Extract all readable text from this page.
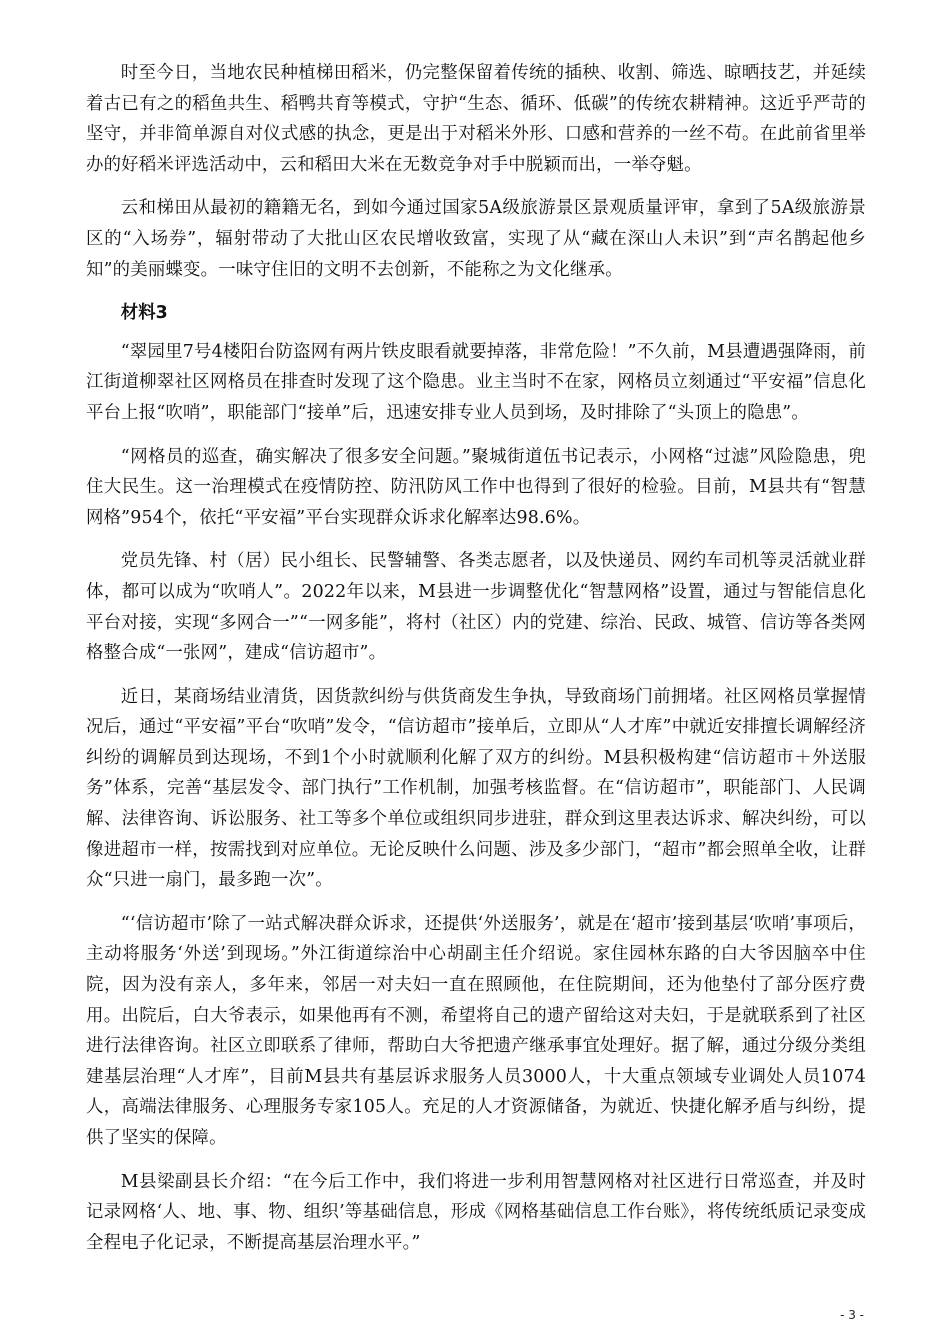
时至今日，当地农民种植梯田稻米，仍完整保留着传统的插秧、收割、筛选、晾晒技艺，并延续着古已有之的稻鱼共生、稻鸭共育等模式，守护“生态、循环、低碳”的传统农耕精神。这近乎严苛的坚守，并非简单源自对仪式感的执念，更是出于对稻米外形、口感和营养的一丝不苟。在此前省里举办的好稻米评选活动中，云和稻田大米在无数竞争对手中脱颖而出，一举夺魁。

云和梯田从最初的籍籍无名，到如今通过国家5A级旅游景区景观质量评审，拿到了5A级旅游景区的“入场券”，辐射带动了大批山区农民增收致富，实现了从“藏在深山人未识”到“声名鹊起他乡知”的美丽蝶变。一味守住旧的文明不去创新，不能称之为文化继承。

材料3

“翠园里7号4楼阳台防盗网有两片铁皮眼看就要掉落，非常危险！”不久前，M县遭遇强降雨，前江街道柳翠社区网格员在排查时发现了这个隐患。业主当时不在家，网格员立刻通过“平安福”信息化平台上报“吹哨”，职能部门“接单”后，迅速安排专业人员到场，及时排除了“头顶上的隐患”。

“网格员的巡查，确实解决了很多安全问题。”聚城街道伍书记表示，小网格“过滤”风险隐患，兜住大民生。这一治理模式在疫情防控、防汛防风工作中也得到了很好的检验。目前，M县共有“智慧网格”954个，依托“平安福”平台实现群众诉求化解率达98.6%。

党员先锋、村（居）民小组长、民警辅警、各类志愿者，以及快递员、网约车司机等灵活就业群体，都可以成为“吹哨人”。2022年以来，M县进一步调整优化“智慧网格”设置，通过与智能信息化平台对接，实现“多网合一”“一网多能”，将村（社区）内的党建、综治、民政、城管、信访等各类网格整合成“一张网”，建成“信访超市”。

近日，某商场结业清货，因货款纠纷与供货商发生争执，导致商场门前拥堵。社区网格员掌握情况后，通过“平安福”平台“吹哨”发令，“信访超市”接单后，立即从“人才库”中就近安排擅长调解经济纠纷的调解员到达现场，不到1个小时就顺利化解了双方的纠纷。M县积极构建“信访超市＋外送服务”体系，完善“基层发令、部门执行”工作机制，加强考核监督。在“信访超市”，职能部门、人民调解、法律咨询、诉讼服务、社工等多个单位或组织同步进驻，群众到这里表达诉求、解决纠纷，可以像进超市一样，按需找到对应单位。无论反映什么问题、涉及多少部门，“超市”都会照单全收，让群众“只进一扇门，最多跑一次”。

“‘信访超市’除了一站式解决群众诉求，还提供‘外送服务’，就是在‘超市’接到基层‘吹哨’事项后，主动将服务‘外送’到现场。”外江街道综治中心胡副主任介绍说。家住园林东路的白大爷因脑卒中住院，因为没有亲人，多年来，邻居一对夫妇一直在照顾他，在住院期间，还为他垫付了部分医疗费用。出院后，白大爷表示，如果他再有不测，希望将自己的遗产留给这对夫妇，于是就联系到了社区进行法律咨询。社区立即联系了律师，帮助白大爷把遗产继承事宜处理好。据了解，通过分级分类组建基层治理“人才库”，目前M县共有基层诉求服务人员3000人，十大重点领域专业调处人员1074人，高端法律服务、心理服务专家105人。充足的人才资源储备，为就近、快捷化解矛盾与纠纷，提供了坚实的保障。

M县梁副县长介绍：“在今后工作中，我们将进一步利用智慧网格对社区进行日常巡查，并及时记录网格‘人、地、事、物、组织’等基础信息，形成《网格基础信息工作台账》，将传统纸质记录变成全程电子化记录，不断提高基层治理水平。”

- 3 -
